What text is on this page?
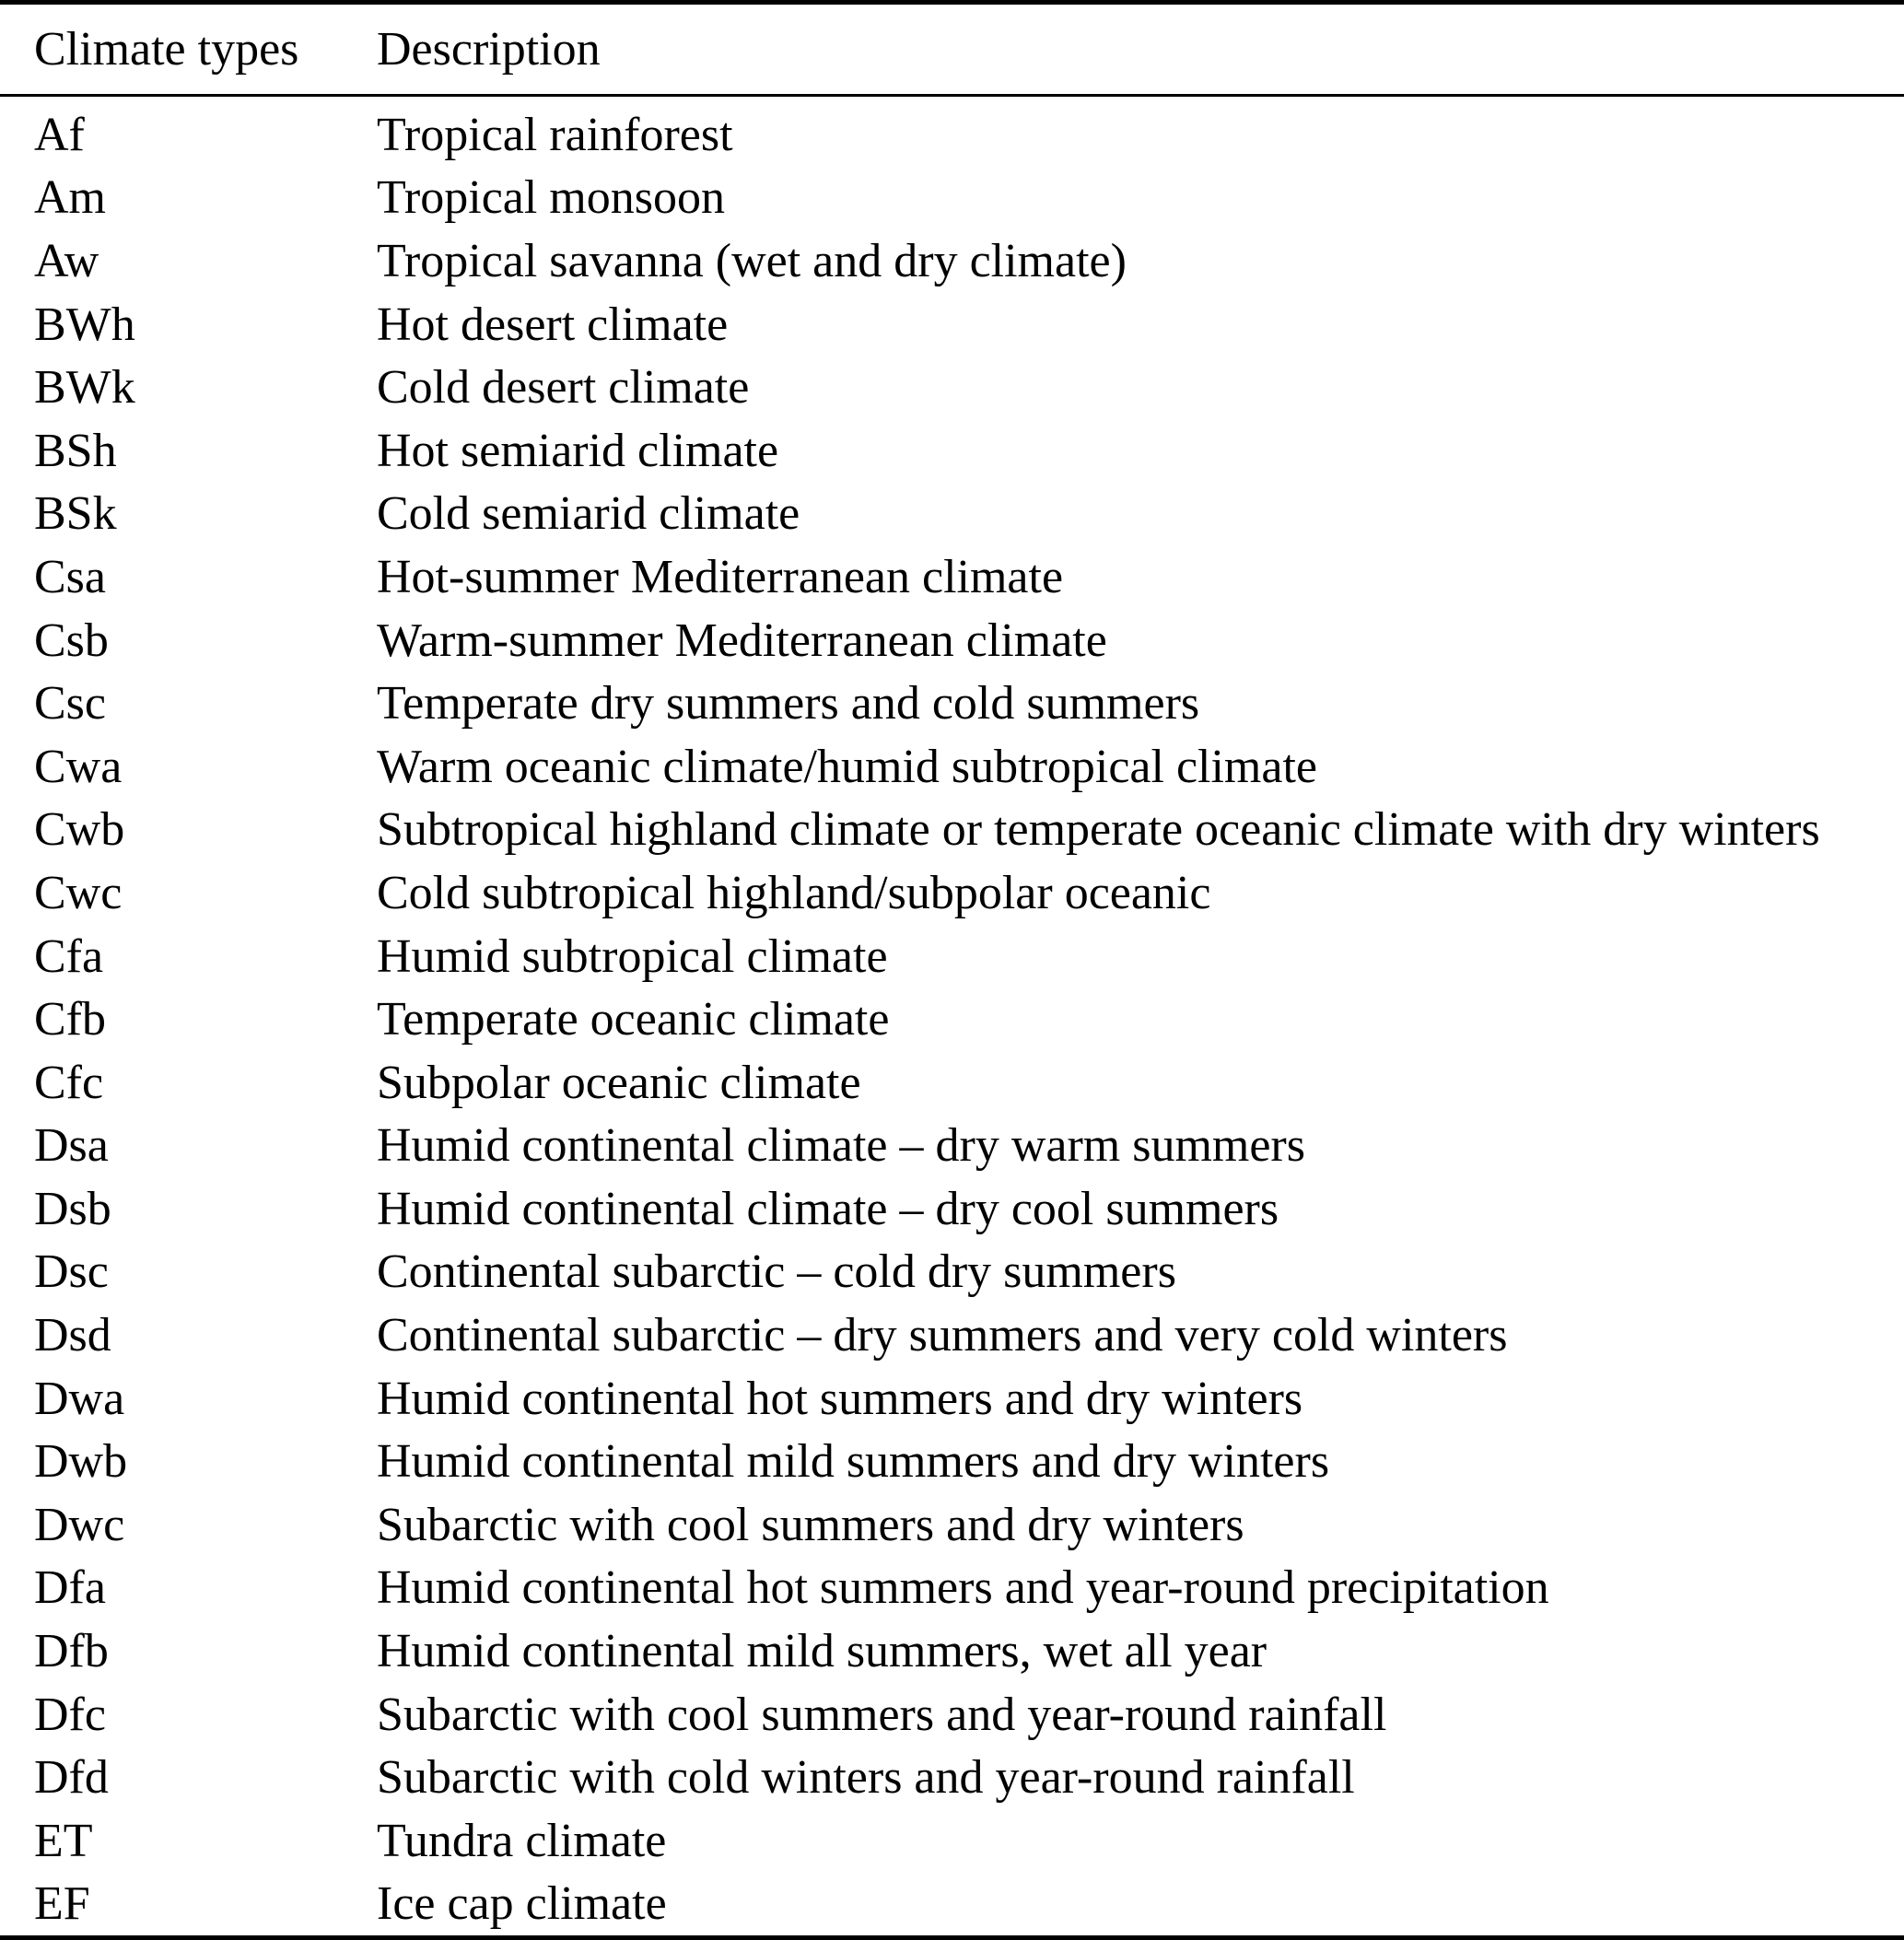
Climate types	Description
Af	Tropical rainforest
Am	Tropical monsoon
Aw	Tropical savanna (wet and dry climate)
BWh	Hot desert climate
BWk	Cold desert climate
BSh	Hot semiarid climate
BSk	Cold semiarid climate
Csa	Hot-summer Mediterranean climate
Csb	Warm-summer Mediterranean climate
Csc	Temperate dry summers and cold summers
Cwa	Warm oceanic climate/humid subtropical climate
Cwb	Subtropical highland climate or temperate oceanic climate with dry winters
Cwc	Cold subtropical highland/subpolar oceanic
Cfa	Humid subtropical climate
Cfb	Temperate oceanic climate
Cfc	Subpolar oceanic climate
Dsa	Humid continental climate – dry warm summers
Dsb	Humid continental climate – dry cool summers
Dsc	Continental subarctic – cold dry summers
Dsd	Continental subarctic – dry summers and very cold winters
Dwa	Humid continental hot summers and dry winters
Dwb	Humid continental mild summers and dry winters
Dwc	Subarctic with cool summers and dry winters
Dfa	Humid continental hot summers and year-round precipitation
Dfb	Humid continental mild summers, wet all year
Dfc	Subarctic with cool summers and year-round rainfall
Dfd	Subarctic with cold winters and year-round rainfall
ET	Tundra climate
EF	Ice cap climate
